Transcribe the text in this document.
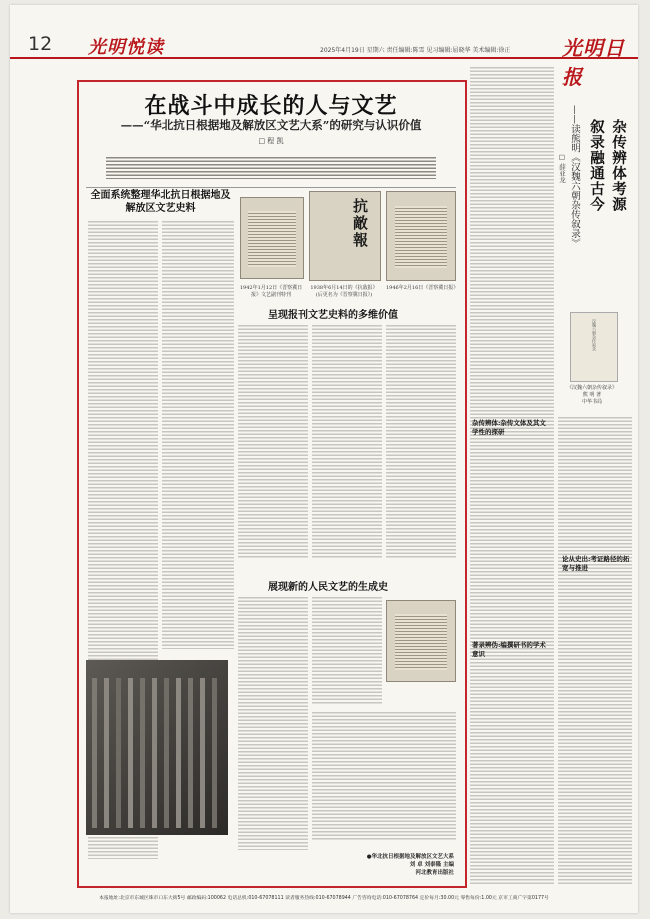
12 光明悦读	2025年4月19日 星期六 责任编辑:陈雪 见习编辑:屈晓华 美术编辑:徐正	光明日报
在战斗中成长的人与文艺
——“华北抗日根据地及解放区文艺大系”的研究与认识价值
□ 程 凯
全面系统整理华北抗日根据地及解放区文艺史料	抗敵報
1942年1月12日《晋察冀日报》文艺副刊特刊
1938年6月14日的《抗敌报》(后更名为《晋察冀日报》)
1946年2月16日《晋察冀日报》
呈现报刊文艺史料的多维价值
展现新的人民文艺的生成史
●华北抗日根据地及解放区文艺大系
刘 卓 刘泰隆 主编
河北教育出版社
杂传辨体考源
叙录融通古今
——读熊明《汉魏六朝杂传叙录》
□ 薛亚龙
汉魏六朝杂传叙录
《汉魏六朝杂传叙录》
熊 明 著
中华书局
杂传辨体:杂传文体及其文学性的探研
著录辨伪:编撰研书的学术意识
论从史出:考证路径的拓宽与推进
本报地址:北京市东城区珠市口东大街5号 邮政编码:100062 电话总机:010-67078111 读者服务热线:010-67078944 广告咨询电话:010-67078764 定价每月:30.00元 零售每份:1.00元 京市工商广字第0177号
